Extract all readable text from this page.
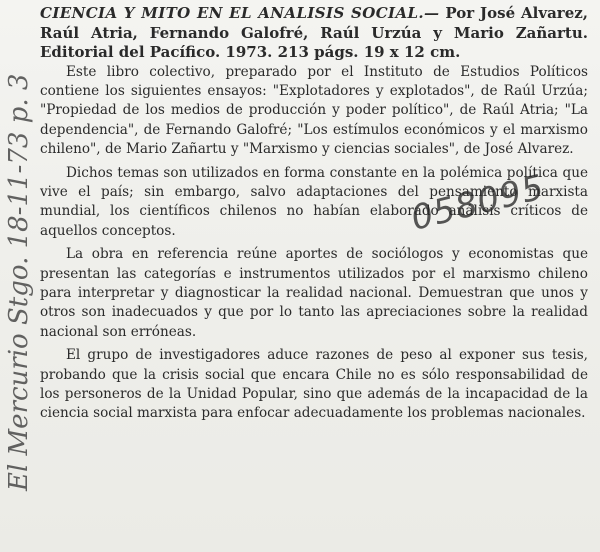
El Mercurio Stgo. 18-11-73 p. 3	058095

CIENCIA Y MITO EN EL ANALISIS SOCIAL.— Por José Alvarez, Raúl Atria, Fernando Galofré, Raúl Urzúa y Mario Zañartu. Editorial del Pacífico. 1973. 213 págs. 19 x 12 cm.

Este libro colectivo, preparado por el Instituto de Estudios Políticos contiene los siguientes ensayos: "Explotadores y explotados", de Raúl Urzúa; "Propiedad de los medios de producción y poder político", de Raúl Atria; "La dependencia", de Fernando Galofré; "Los estímulos económicos y el marxismo chileno", de Mario Zañartu y "Marxismo y ciencias sociales", de José Alvarez.

Dichos temas son utilizados en forma constante en la polémica política que vive el país; sin embargo, salvo adaptaciones del pensamiento marxista mundial, los científicos chilenos no habían elaborado análisis críticos de aquellos conceptos.

La obra en referencia reúne aportes de sociólogos y economistas que presentan las categorías e instrumentos utilizados por el marxismo chileno para interpretar y diagnosticar la realidad nacional. Demuestran que unos y otros son inadecuados y que por lo tanto las apreciaciones sobre la realidad nacional son erróneas.

El grupo de investigadores aduce razones de peso al exponer sus tesis, probando que la crisis social que encara Chile no es sólo responsabilidad de los personeros de la Unidad Popular, sino que además de la incapacidad de la ciencia social marxista para enfocar adecuadamente los problemas nacionales.
